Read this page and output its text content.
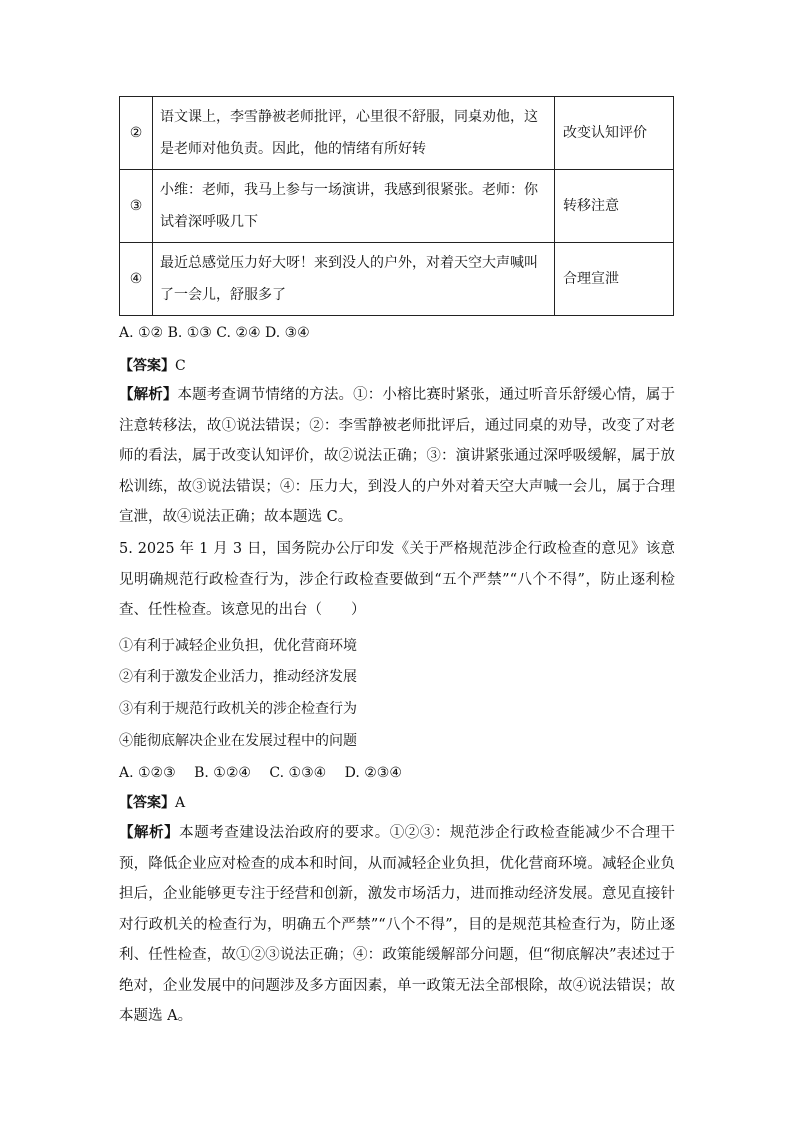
②	语文课上，李雪静被老师批评，心里很不舒服，同桌劝他，这是老师对他负责。因此，他的情绪有所好转	改变认知评价
③	小维：老师，我马上参与一场演讲，我感到很紧张。老师：你试着深呼吸几下	转移注意
④	最近总感觉压力好大呀！来到没人的户外，对着天空大声喊叫了一会儿，舒服多了	合理宣泄
A. ①② B. ①③ C. ②④ D. ③④
【答案】C
【解析】本题考查调节情绪的方法。①：小榕比赛时紧张，通过听音乐舒缓心情，属于注意转移法，故①说法错误；②：李雪静被老师批评后，通过同桌的劝导，改变了对老师的看法，属于改变认知评价，故②说法正确；③：演讲紧张通过深呼吸缓解，属于放松训练，故③说法错误；④：压力大，到没人的户外对着天空大声喊一会儿，属于合理宣泄，故④说法正确；故本题选 C。
5. 2025 年 1 月 3 日，国务院办公厅印发《关于严格规范涉企行政检查的意见》该意见明确规范行政检查行为，涉企行政检查要做到“五个严禁”“八个不得”，防止逐利检查、任性检查。该意见的出台（　　）
①有利于减轻企业负担，优化营商环境
②有利于激发企业活力，推动经济发展
③有利于规范行政机关的涉企检查行为
④能彻底解决企业在发展过程中的问题
A. ①②③　 B. ①②④　 C. ①③④　 D. ②③④
【答案】A
【解析】本题考查建设法治政府的要求。①②③：规范涉企行政检查能减少不合理干预，降低企业应对检查的成本和时间，从而减轻企业负担，优化营商环境。减轻企业负担后，企业能够更专注于经营和创新，激发市场活力，进而推动经济发展。意见直接针对行政机关的检查行为，明确五个严禁”“八个不得”，目的是规范其检查行为，防止逐利、任性检查，故①②③说法正确；④：政策能缓解部分问题，但“彻底解决”表述过于绝对，企业发展中的问题涉及多方面因素，单一政策无法全部根除，故④说法错误；故本题选 A。
